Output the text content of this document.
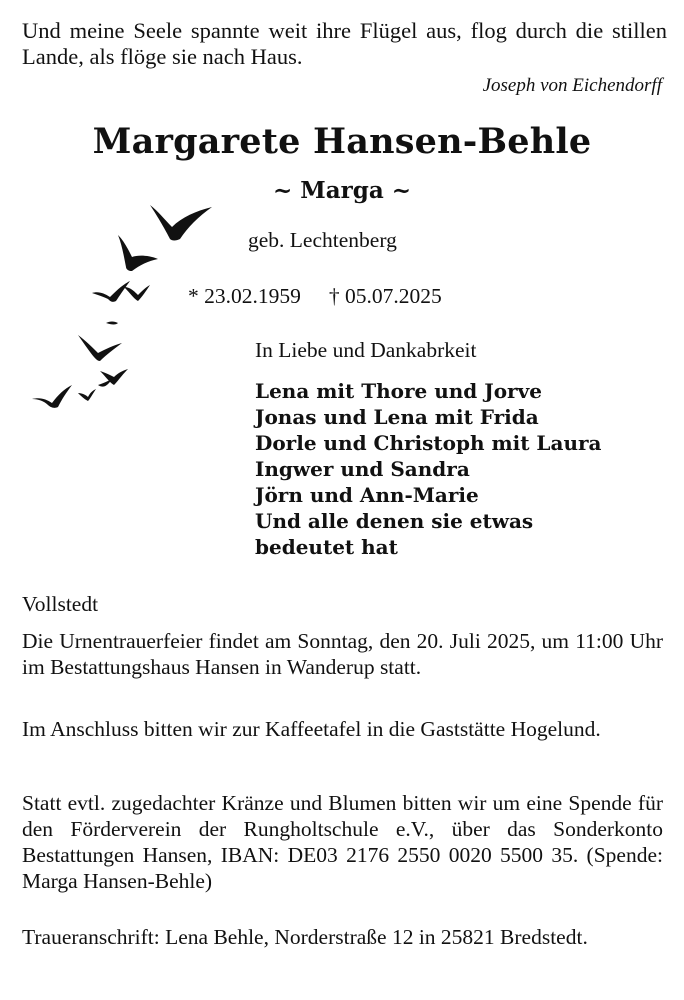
Und meine Seele spannte weit ihre Flügel aus, flog durch die stillen Lande, als flöge sie nach Haus.
Joseph von Eichendorff
Margarete Hansen-Behle
~ Marga ~
geb. Lechtenberg
* 23.02.1959 † 05.07.2025
In Liebe und Dankabrkeit
Lena mit Thore und Jorve
Jonas und Lena mit Frida
Dorle und Christoph mit Laura
Ingwer und Sandra
Jörn und Ann-Marie
Und alle denen sie etwas
bedeutet hat
Vollstedt
Die Urnentrauerfeier findet am Sonntag, den 20. Juli 2025, um 11:00 Uhr im Bestattungshaus Hansen in Wanderup statt.
Im Anschluss bitten wir zur Kaffeetafel in die Gaststätte Hogelund.
Statt evtl. zugedachter Kränze und Blumen bitten wir um eine Spende für den Förderverein der Rungholtschule e.V., über das Sonderkonto Bestattungen Hansen, IBAN: DE03 2176 2550 0020 5500 35. (Spende: Marga Hansen-Behle)
Traueranschrift: Lena Behle, Norderstraße 12 in 25821 Bredstedt.
